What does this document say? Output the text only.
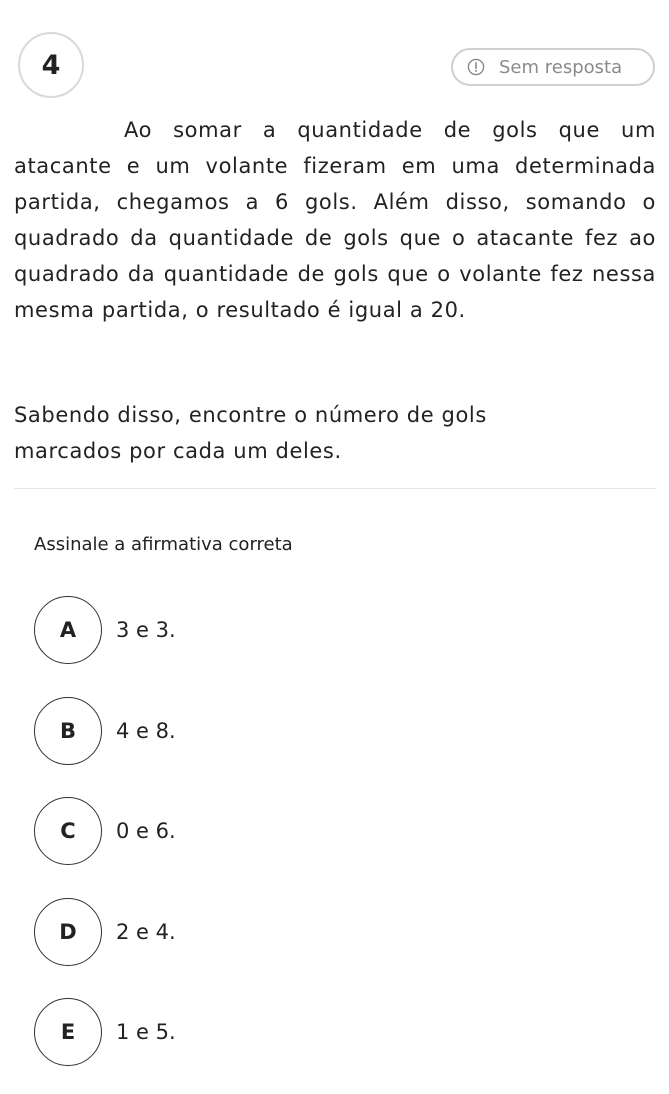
4	Sem resposta

Ao somar a quantidade de gols que um atacante e um volante fizeram em uma determinada partida, chegamos a 6 gols. Além disso, somando o quadrado da quantidade de gols que o atacante fez ao quadrado da quantidade de gols que o volante fez nessa mesma partida, o resultado é igual a 20.

Sabendo disso, encontre o número de gols marcados por cada um deles.

Assinale a afirmativa correta
A	3 e 3.
B	4 e 8.
C	0 e 6.
D	2 e 4.
E	1 e 5.
